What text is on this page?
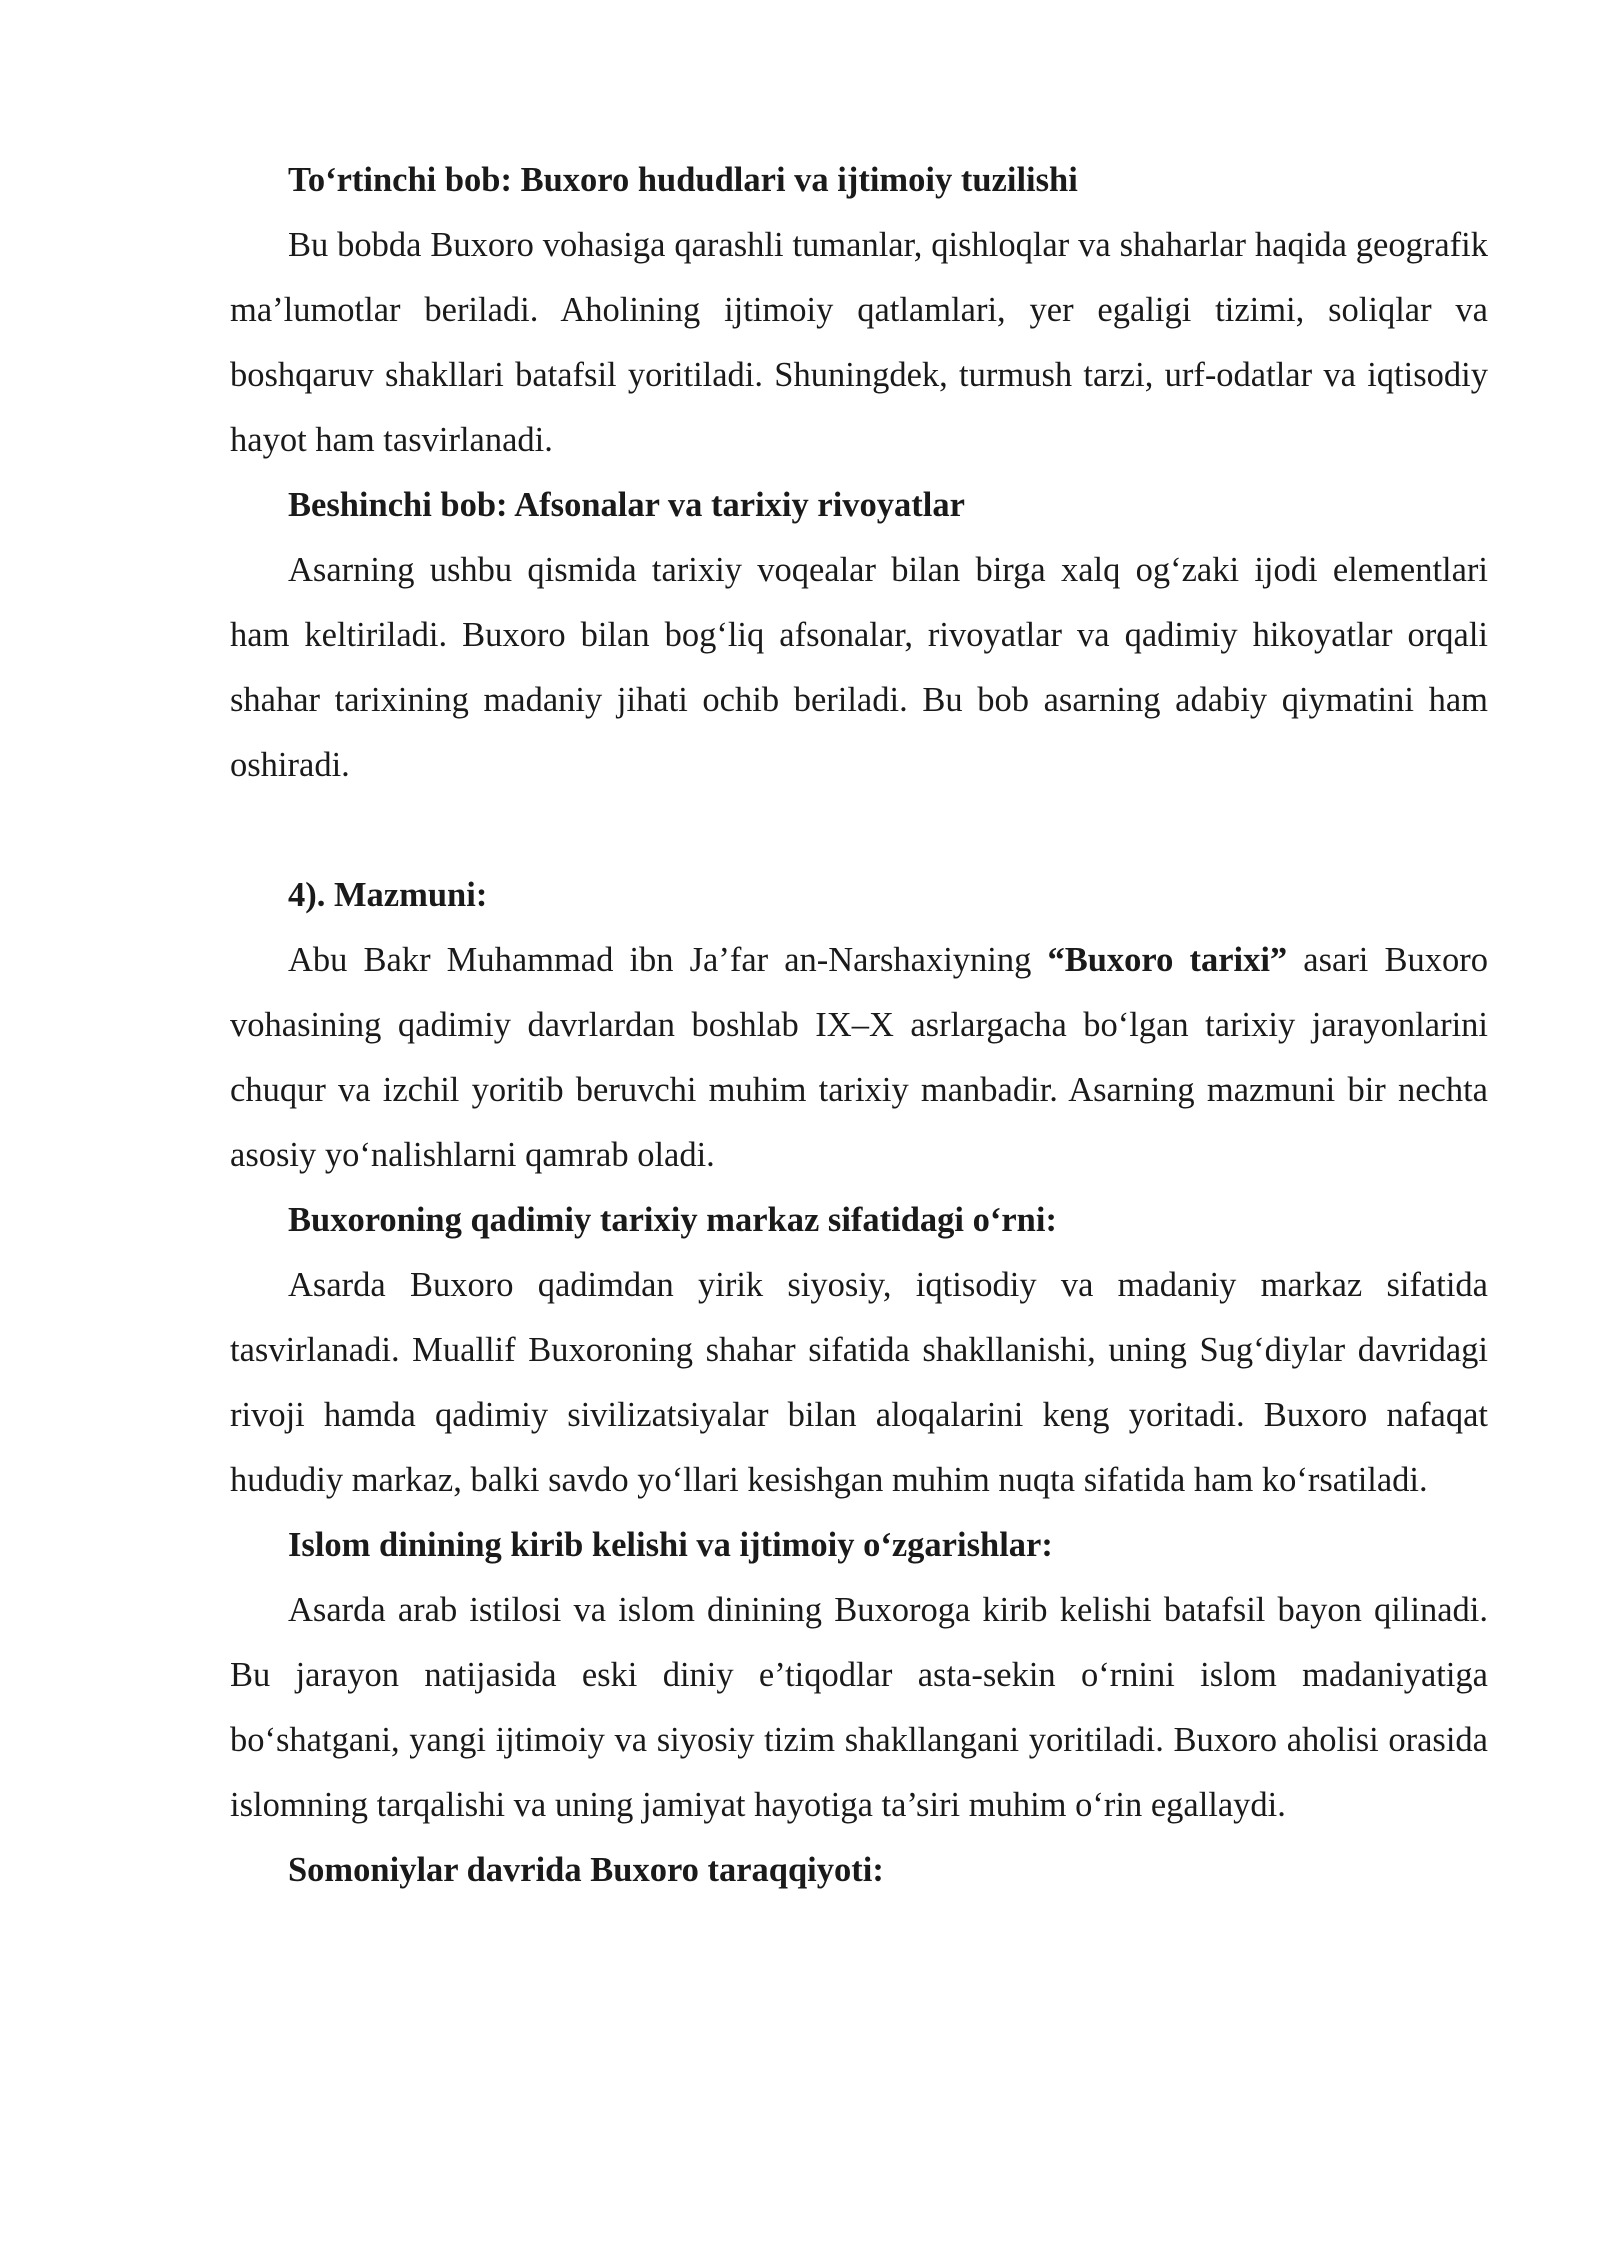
To‘rtinchi bob: Buxoro hududlari va ijtimoiy tuzilishi

Bu bobda Buxoro vohasiga qarashli tumanlar, qishloqlar va shaharlar haqida geografik ma’lumotlar beriladi. Aholining ijtimoiy qatlamlari, yer egaligi tizimi, soliqlar va boshqaruv shakllari batafsil yoritiladi. Shuningdek, turmush tarzi, urf-odatlar va iqtisodiy hayot ham tasvirlanadi.

Beshinchi bob: Afsonalar va tarixiy rivoyatlar

Asarning ushbu qismida tarixiy voqealar bilan birga xalq og‘zaki ijodi elementlari ham keltiriladi. Buxoro bilan bog‘liq afsonalar, rivoyatlar va qadimiy hikoyatlar orqali shahar tarixining madaniy jihati ochib beriladi. Bu bob asarning adabiy qiymatini ham oshiradi.

4). Mazmuni:

Abu Bakr Muhammad ibn Ja’far an-Narshaxiyning “Buxoro tarixi” asari Buxoro vohasining qadimiy davrlardan boshlab IX–X asrlargacha bo‘lgan tarixiy jarayonlarini chuqur va izchil yoritib beruvchi muhim tarixiy manbadir. Asarning mazmuni bir nechta asosiy yo‘nalishlarni qamrab oladi.

Buxoroning qadimiy tarixiy markaz sifatidagi o‘rni:

Asarda Buxoro qadimdan yirik siyosiy, iqtisodiy va madaniy markaz sifatida tasvirlanadi. Muallif Buxoroning shahar sifatida shakllanishi, uning Sug‘diylar davridagi rivoji hamda qadimiy sivilizatsiyalar bilan aloqalarini keng yoritadi. Buxoro nafaqat hududiy markaz, balki savdo yo‘llari kesishgan muhim nuqta sifatida ham ko‘rsatiladi.

Islom dinining kirib kelishi va ijtimoiy o‘zgarishlar:

Asarda arab istilosi va islom dinining Buxoroga kirib kelishi batafsil bayon qilinadi. Bu jarayon natijasida eski diniy e’tiqodlar asta-sekin o‘rnini islom madaniyatiga bo‘shatgani, yangi ijtimoiy va siyosiy tizim shakllangani yoritiladi. Buxoro aholisi orasida islomning tarqalishi va uning jamiyat hayotiga ta’siri muhim o‘rin egallaydi.

Somoniylar davrida Buxoro taraqqiyoti:
